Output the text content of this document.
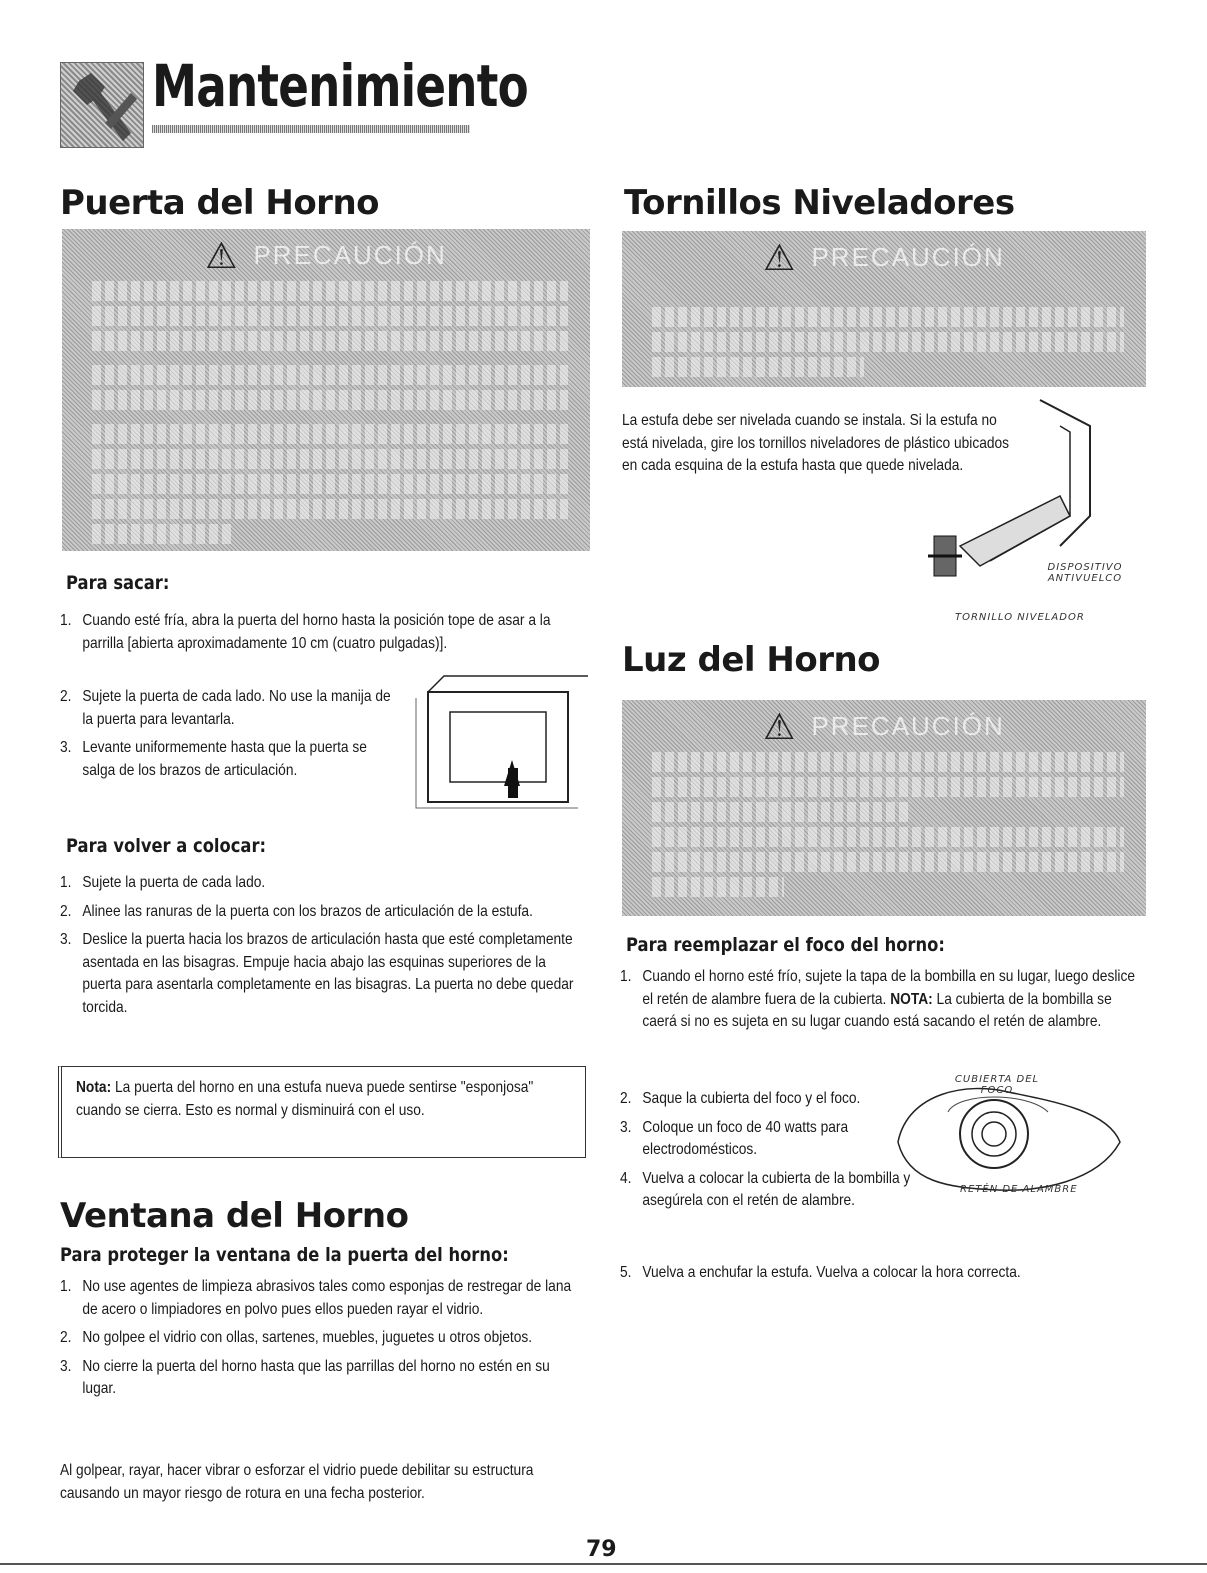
Mantenimiento
Puerta del Horno
⚠ PRECAUCIÓN
Para sacar:
1. Cuando esté fría, abra la puerta del horno hasta la posición tope de asar a la parrilla [abierta aproximadamente 10 cm (cuatro pulgadas)].
2. Sujete la puerta de cada lado. No use la manija de la puerta para levantarla.
3. Levante uniformemente hasta que la puerta se salga de los brazos de articulación.
Para volver a colocar:
1. Sujete la puerta de cada lado.
2. Alinee las ranuras de la puerta con los brazos de articulación de la estufa.
3. Deslice la puerta hacia los brazos de articulación hasta que esté completamente asentada en las bisagras. Empuje hacia abajo las esquinas superiores de la puerta para asentarla completamente en las bisagras. La puerta no debe quedar torcida.
Nota: La puerta del horno en una estufa nueva puede sentirse "esponjosa" cuando se cierra. Esto es normal y disminuirá con el uso.
Ventana del Horno
Para proteger la ventana de la puerta del horno:
1. No use agentes de limpieza abrasivos tales como esponjas de restregar de lana de acero o limpiadores en polvo pues ellos pueden rayar el vidrio.
2. No golpee el vidrio con ollas, sartenes, muebles, juguetes u otros objetos.
3. No cierre la puerta del horno hasta que las parrillas del horno no estén en su lugar.
Al golpear, rayar, hacer vibrar o esforzar el vidrio puede debilitar su estructura causando un mayor riesgo de rotura en una fecha posterior.
Tornillos Niveladores
⚠ PRECAUCIÓN
La estufa debe ser nivelada cuando se instala. Si la estufa no está nivelada, gire los tornillos niveladores de plástico ubicados en cada esquina de la estufa hasta que quede nivelada.
DISPOSITIVO ANTIVUELCO
TORNILLO NIVELADOR
Luz del Horno
⚠ PRECAUCIÓN
Para reemplazar el foco del horno:
1. Cuando el horno esté frío, sujete la tapa de la bombilla en su lugar, luego deslice el retén de alambre fuera de la cubierta. NOTA: La cubierta de la bombilla se caerá si no es sujeta en su lugar cuando está sacando el retén de alambre.
2. Saque la cubierta del foco y el foco.
3. Coloque un foco de 40 watts para electrodomésticos.
4. Vuelva a colocar la cubierta de la bombilla y asegúrela con el retén de alambre.
5. Vuelva a enchufar la estufa. Vuelva a colocar la hora correcta.
CUBIERTA DEL FOCO
RETÉN DE ALAMBRE
79
